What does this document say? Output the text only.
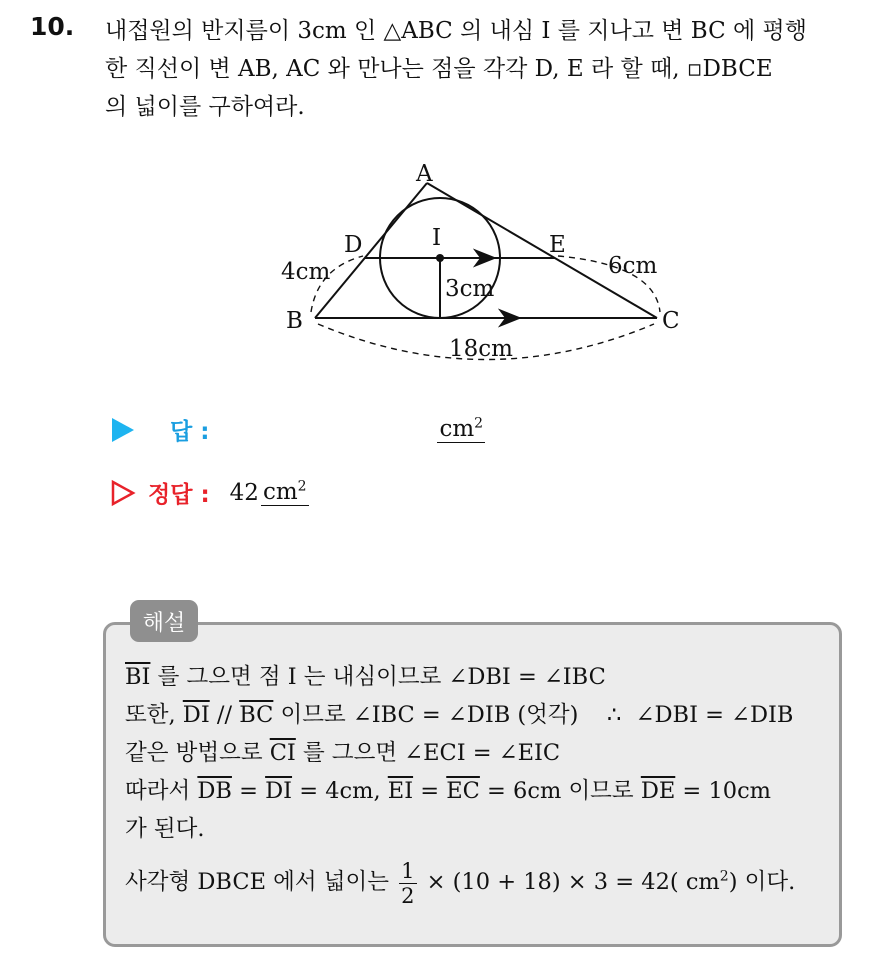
10. 내접원의 반지름이 3cm 인 △ABC 의 내심 I 를 지나고 변 BC 에 평행
한 직선이 변 AB, AC 와 만나는 점을 각각 D, E 라 할 때, ▫DBCE
의 넓이를 구하여라.
A
B	C
D	E
I
4cm	6cm
3cm
18cm
답 :	$cm^2$
정답 : 42 $cm^2$
해설
$\overline{BI}$ 를 그으면 점 I 는 내심이므로 ∠DBI = ∠IBC
또한, $\overline{DI} // \overline{BC}$ 이므로 ∠IBC = ∠DIB (엇각)    ∴  ∠DBI = ∠DIB
같은 방법으로 $\overline{CI}$ 를 그으면 ∠ECI = ∠EIC
따라서 $\overline{DB} = \overline{DI} = 4cm$, $\overline{EI} = \overline{EC} = 6cm$ 이므로 $\overline{DE} = 10cm$
가 된다.
사각형 DBCE 에서 넓이는 $\frac{1}{2} \times (10 + 18) \times 3 = 42$( $cm^2$) 이다.
